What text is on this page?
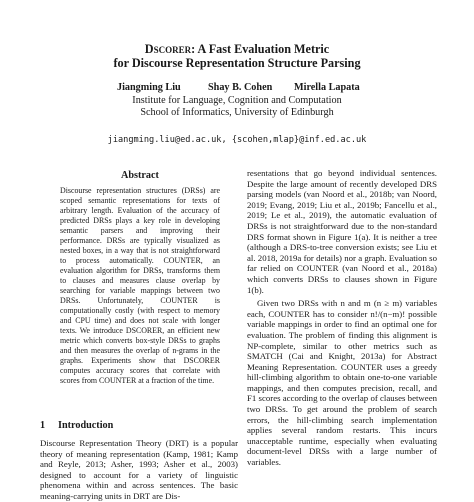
Dscorer: A Fast Evaluation Metric
for Discourse Representation Structure Parsing
Jiangming Liu	Shay B. Cohen Mirella Lapata
Institute for Language, Cognition and Computation
School of Informatics, University of Edinburgh
jiangming.liu@ed.ac.uk, {scohen,mlap}@inf.ed.ac.uk
Abstract
Discourse representation structures (DRSs) are scoped semantic representations for texts of arbitrary length. Evaluation of the accuracy of predicted DRSs plays a key role in developing semantic parsers and improving their performance. DRSs are typically visualized as nested boxes, in a way that is not straightforward to process automatically. COUNTER, an evaluation algorithm for DRSs, transforms them to clauses and measures clause overlap by searching for variable mappings between two DRSs. Unfortunately, COUNTER is computationally costly (with respect to memory and CPU time) and does not scale with longer texts. We introduce DSCORER, an efficient new metric which converts box-style DRSs to graphs and then measures the overlap of n-grams in the graphs. Experiments show that DSCORER computes accuracy scores that correlate with scores from COUNTER at a fraction of the time.
1 Introduction
Discourse Representation Theory (DRT) is a popular theory of meaning representation (Kamp, 1981; Kamp and Reyle, 2013; Asher, 1993; Asher et al., 2003) designed to account for a variety of linguistic phenomena within and across sentences. The basic meaning-carrying units in DRT are Dis-

resentations that go beyond individual sentences. Despite the large amount of recently developed DRS parsing models (van Noord et al., 2018b; van Noord, 2019; Evang, 2019; Liu et al., 2019b; Fancellu et al., 2019; Le et al., 2019), the automatic evaluation of DRSs is not straightforward due to the non-standard DRS format shown in Figure 1(a). It is neither a tree (although a DRS-to-tree conversion exists; see Liu et al. 2018, 2019a for details) nor a graph. Evaluation so far relied on COUNTER (van Noord et al., 2018a) which converts DRSs to clauses shown in Figure 1(b).

Given two DRSs with n and m (n ≥ m) variables each, COUNTER has to consider n!/(n−m)! possible variable mappings in order to find an optimal one for evaluation. The problem of finding this alignment is NP-complete, similar to other metrics such as SMATCH (Cai and Knight, 2013a) for Abstract Meaning Representation. COUNTER uses a greedy hill-climbing algorithm to obtain one-to-one variable mappings, and then computes precision, recall, and F1 scores according to the overlap of clauses between two DRSs. To get around the problem of search errors, the hill-climbing search implementation applies several random restarts. This incurs unacceptable runtime, especially when evaluating document-level DRSs with a large number of variables.
